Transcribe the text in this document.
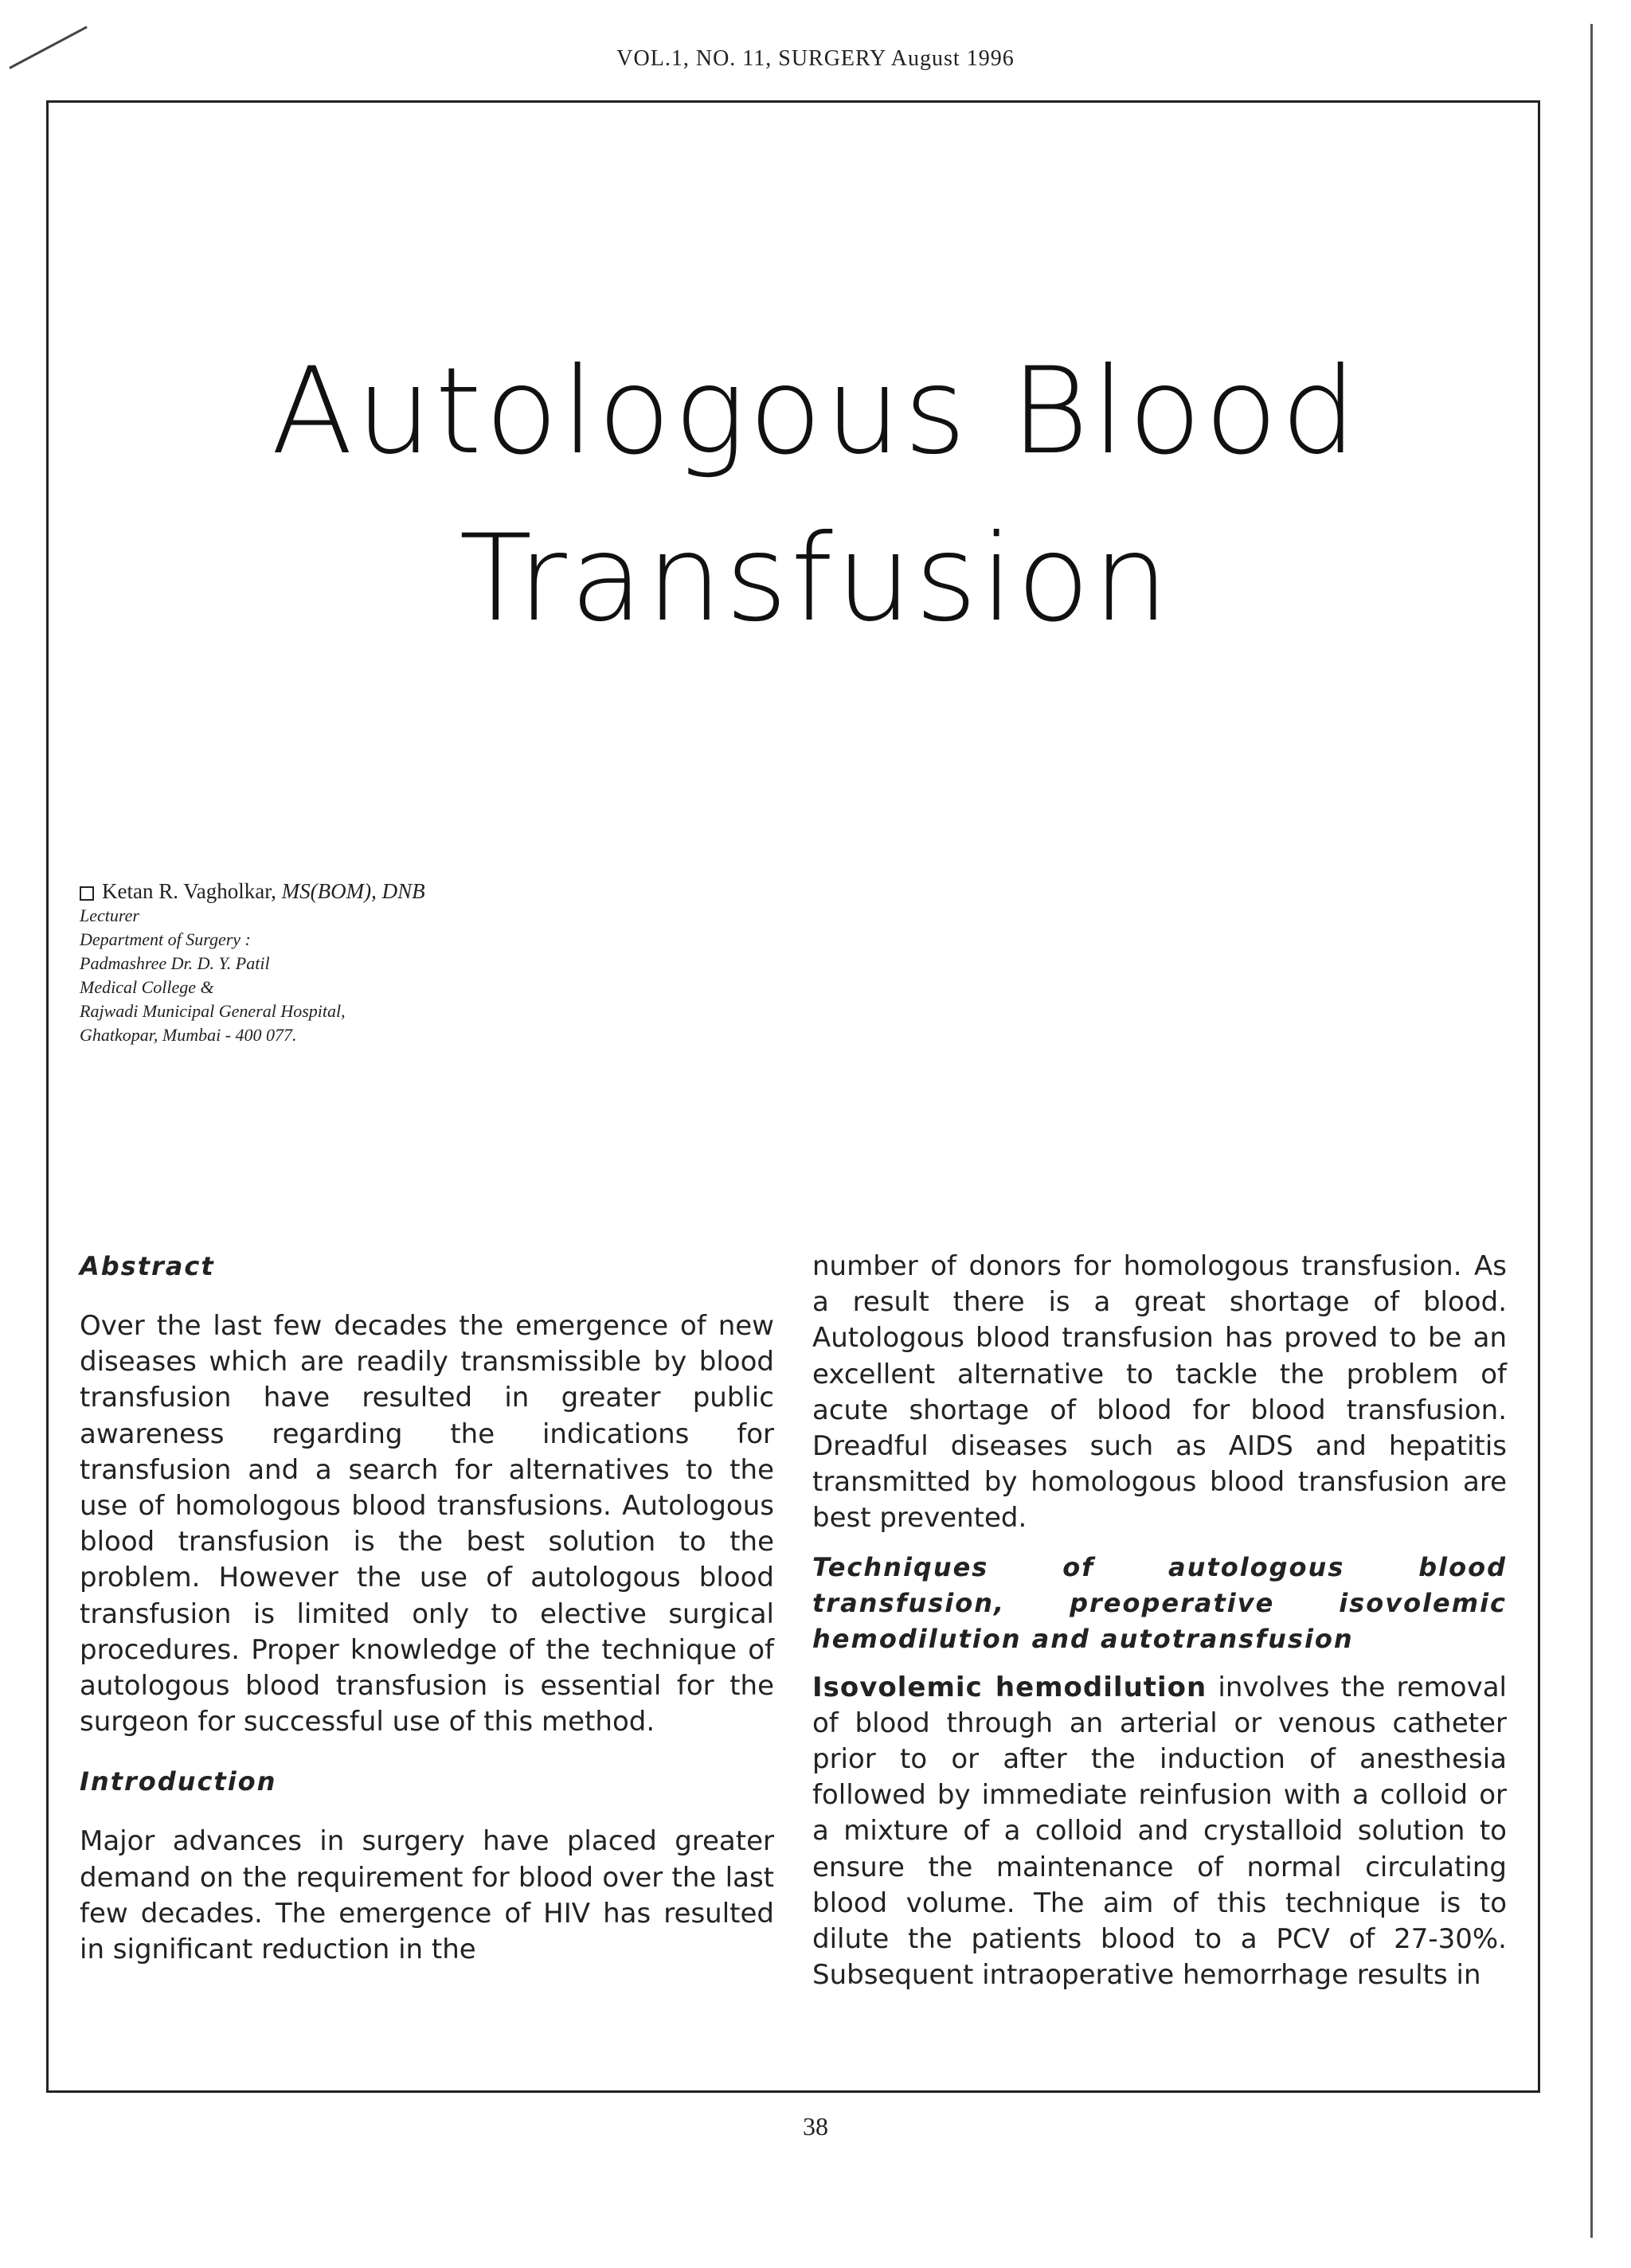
VOL.1, NO. 11, SURGERY August 1996
Autologous Blood
Transfusion
Ketan R. Vagholkar, MS(BOM), DNB
Lecturer
Department of Surgery :
Padmashree Dr. D. Y. Patil
Medical College &
Rajwadi Municipal General Hospital,
Ghatkopar, Mumbai - 400 077.
Abstract

Over the last few decades the emergence of new diseases which are readily transmissible by blood transfusion have resulted in greater public awareness regarding the indications for transfusion and a search for alternatives to the use of homologous blood transfusions. Autologous blood transfusion is the best solution to the problem. However the use of autologous blood transfusion is limited only to elective surgical procedures. Proper knowledge of the technique of autologous blood transfusion is essential for the surgeon for successful use of this method.

Introduction

Major advances in surgery have placed greater demand on the requirement for blood over the last few decades. The emergence of HIV has resulted in significant reduction in the

number of donors for homologous transfusion. As a result there is a great shortage of blood. Autologous blood transfusion has proved to be an excellent alternative to tackle the problem of acute shortage of blood for blood transfusion. Dreadful diseases such as AIDS and hepatitis transmitted by homologous blood transfusion are best prevented.

Techniques of autologous blood transfusion, preoperative isovolemic hemodilution and autotransfusion

Isovolemic hemodilution involves the removal of blood through an arterial or venous catheter prior to or after the induction of anesthesia followed by immediate reinfusion with a colloid or a mixture of a colloid and crystalloid solution to ensure the maintenance of normal circulating blood volume. The aim of this technique is to dilute the patients blood to a PCV of 27-30%. Subsequent intraoperative hemorrhage results in

38
